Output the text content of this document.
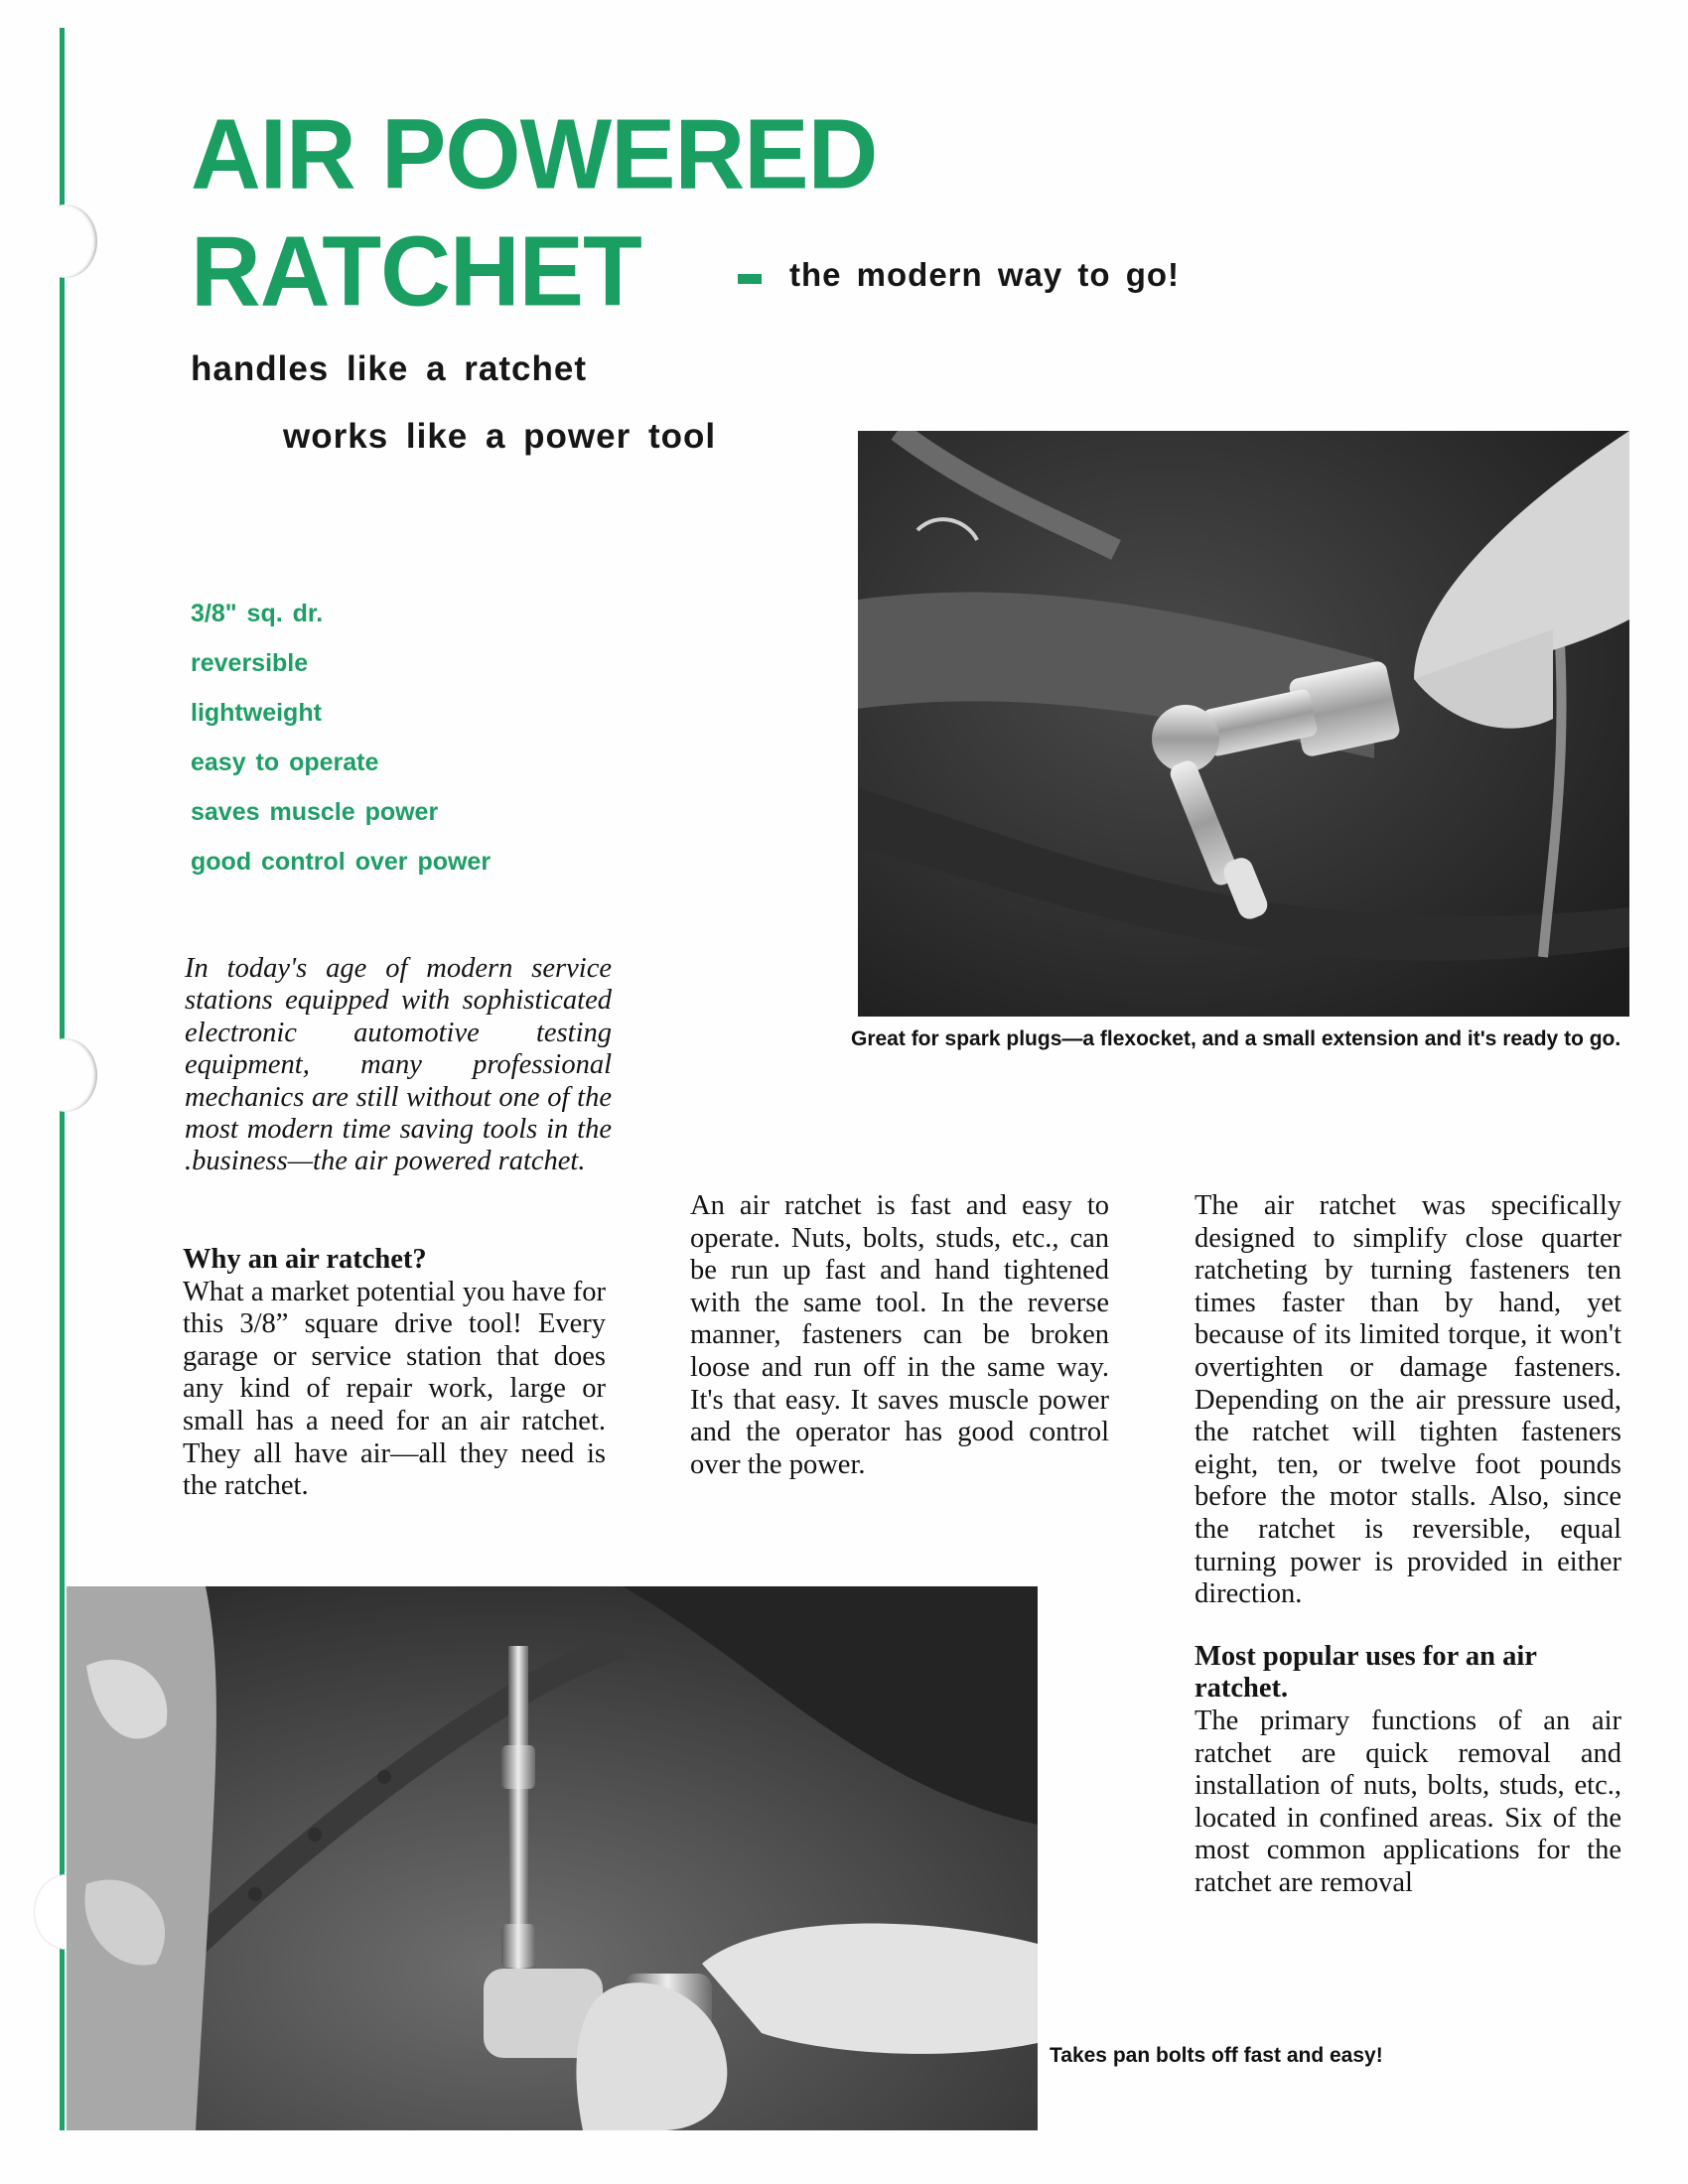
AIR POWERED
RATCHET	the modern way to go!
handles like a ratchet
works like a power tool
3/8" sq. dr.
reversible
lightweight
easy to operate
saves muscle power
good control over power
Great for spark plugs—a flexocket, and a small extension and it's ready to go.
In today's age of modern service stations equipped with sophisticated electronic automotive testing equipment, many professional mechanics are still without one of the most modern time saving tools in the .business—the air powered ratchet.
Why an air ratchet?

What a market potential you have for this 3/8” square drive tool! Every garage or service station that does any kind of repair work, large or small has a need for an air ratchet. They all have air—all they need is the ratchet.

An air ratchet is fast and easy to operate. Nuts, bolts, studs, etc., can be run up fast and hand tightened with the same tool. In the reverse manner, fasteners can be broken loose and run off in the same way. It's that easy. It saves muscle power and the operator has good control over the power.

The air ratchet was specifically designed to simplify close quarter ratcheting by turning fasteners ten times faster than by hand, yet because of its limited torque, it won't overtighten or damage fasteners. Depending on the air pressure used, the ratchet will tighten fasteners eight, ten, or twelve foot pounds before the motor stalls. Also, since the ratchet is reversible, equal turning power is provided in either direction.

Most popular uses for an air ratchet.

The primary functions of an air ratchet are quick removal and installation of nuts, bolts, studs, etc., located in confined areas. Six of the most common applications for the ratchet are removal

Takes pan bolts off fast and easy!
